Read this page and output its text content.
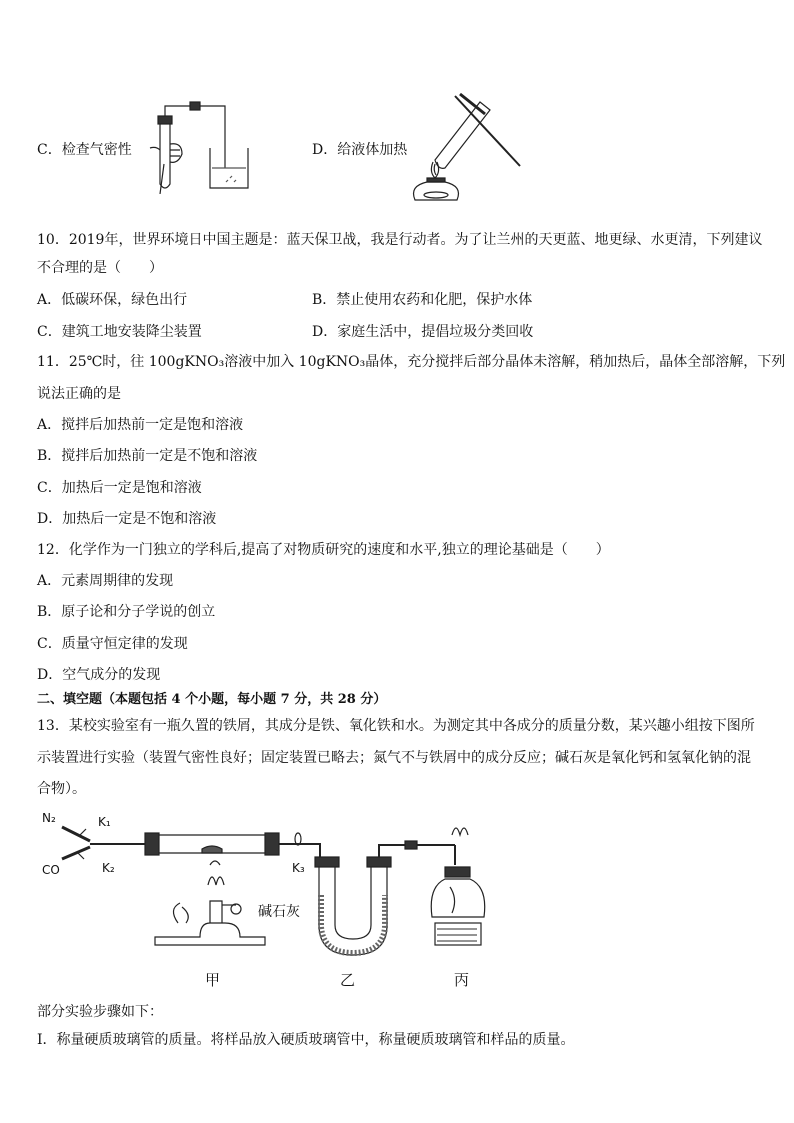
C．检查气密性	D．给液体加热
10．2019年，世界环境日中国主题是：蓝天保卫战，我是行动者。为了让兰州的天更蓝、地更绿、水更清，下列建议
不合理的是（　　）
A．低碳环保，绿色出行	B．禁止使用农药和化肥，保护水体
C．建筑工地安装降尘装置	D．家庭生活中，提倡垃圾分类回收
11．25℃时，往 100gKNO₃溶液中加入 10gKNO₃晶体，充分搅拌后部分晶体未溶解，稍加热后，晶体全部溶解，下列
说法正确的是
A．搅拌后加热前一定是饱和溶液
B．搅拌后加热前一定是不饱和溶液
C．加热后一定是饱和溶液
D．加热后一定是不饱和溶液
12．化学作为一门独立的学科后,提高了对物质研究的速度和水平,独立的理论基础是（　　）
A．元素周期律的发现
B．原子论和分子学说的创立
C．质量守恒定律的发现
D．空气成分的发现
二、填空题（本题包括 4 个小题，每小题 7 分，共 28 分）
13．某校实验室有一瓶久置的铁屑，其成分是铁、氧化铁和水。为测定其中各成分的质量分数，某兴趣小组按下图所
示装置进行实验（装置气密性良好；固定装置已略去；氮气不与铁屑中的成分反应；碱石灰是氧化钙和氢氧化钠的混
合物）。
N₂	K₁
CO	K₂	K₃
碱石灰
甲	乙	丙
部分实验步骤如下：
Ⅰ．称量硬质玻璃管的质量。将样品放入硬质玻璃管中，称量硬质玻璃管和样品的质量。
